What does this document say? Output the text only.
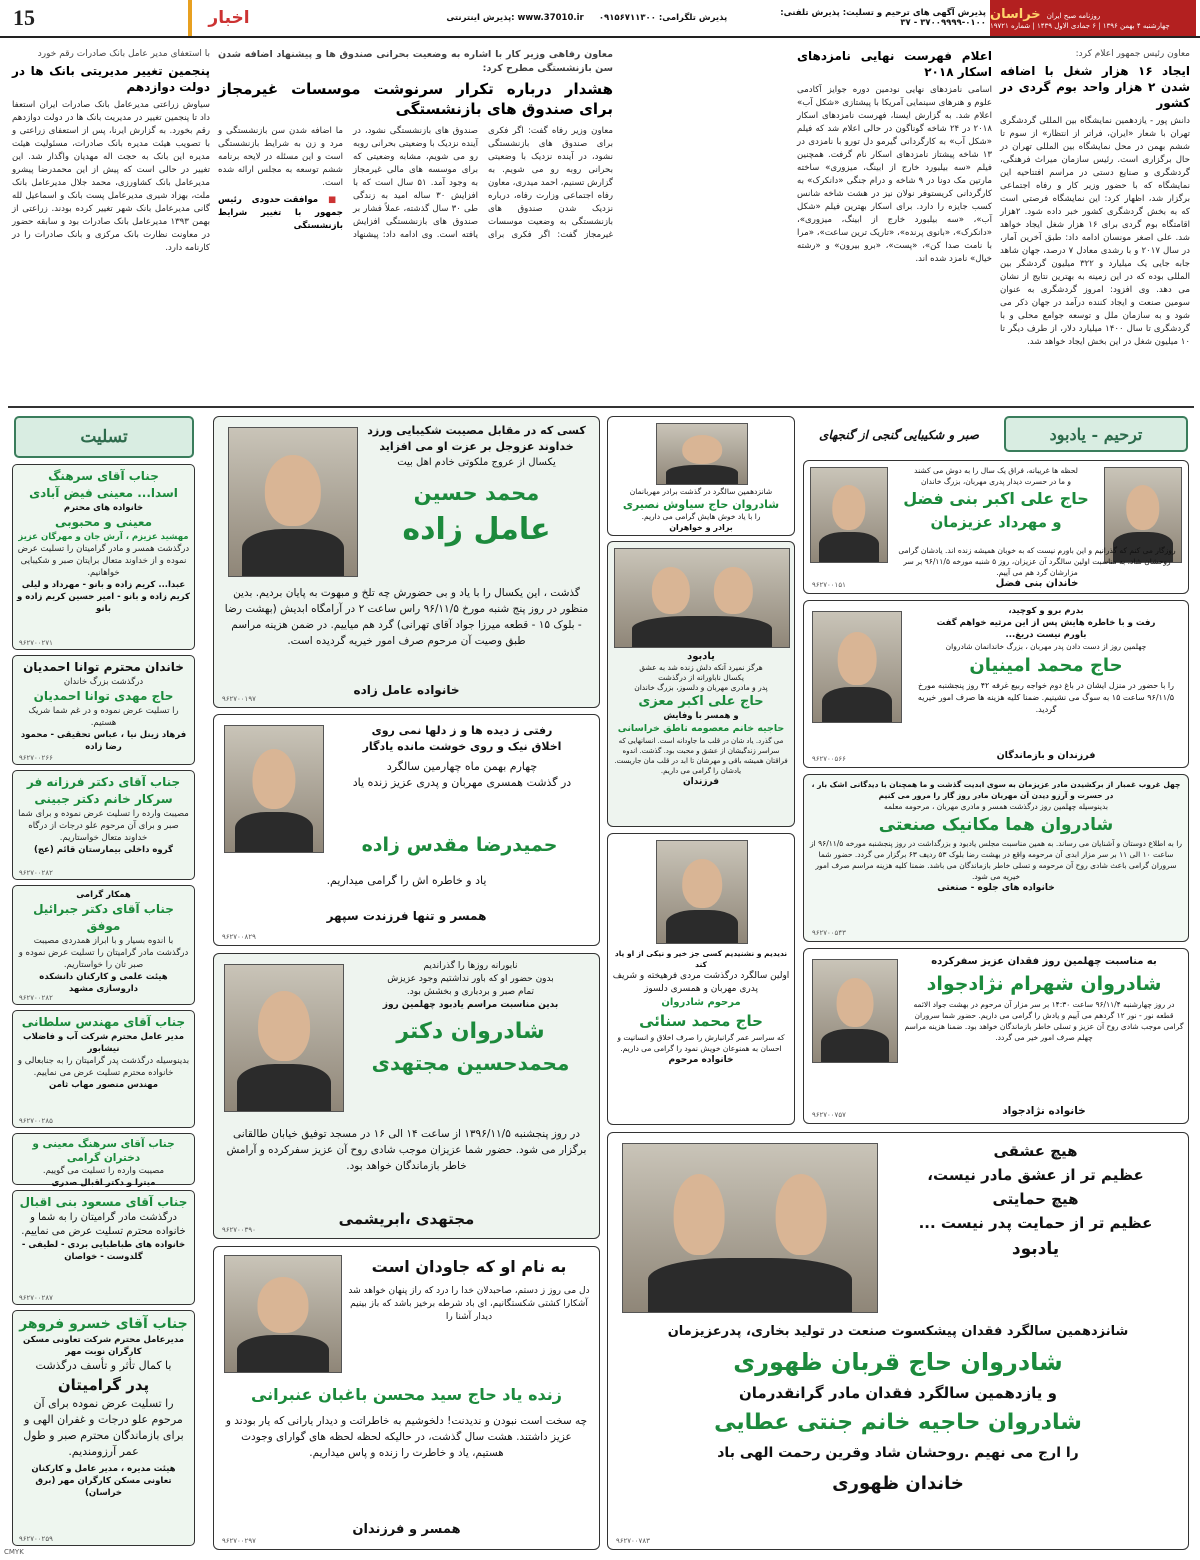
15	اخبار	www.37010.ir :پذیرش اینترنتی	پذیرش تلگرامی: ۰۹۱۵۶۷۱۱۳۰۰	پذیرش آگهی های ترحیم و تسلیت: پذیرش تلفنی: ۰۱۰۰-۳۷۰۰۹۹۹۹ - ۳۷
روزنامه صبح ایران
خراسان
چهارشنبه ۴ بهمن ۱۳۹۶ | ۶ جمادی الاول ۱۴۳۹ | شماره ۱۹۷۲۱
معاون رئیس جمهور اعلام کرد:
ایجاد ۱۶ هزار شغل با اضافه شدن ۲ هزار واحد بوم گردی در کشور
دانش پور - یازدهمین نمایشگاه بین المللی گردشگری تهران با شعار «ایران، فراتر از انتظار» از سوم تا ششم بهمن در محل نمایشگاه بین المللی تهران در حال برگزاری است. رئیس سازمان میراث فرهنگی، گردشگری و صنایع دستی در مراسم افتتاحیه این نمایشگاه که با حضور وزیر کار و رفاه اجتماعی برگزار شد، اظهار کرد: این نمایشگاه فرصتی است که به بخش گردشگری کشور خبر داده شود. ۲هزار اقامتگاه بوم گردی برای ۱۶ هزار شغل ایجاد خواهد شد. علی اصغر مونسان ادامه داد: طبق آخرین آمار، در سال ۲۰۱۷ و با رشدی معادل ۷ درصد، جهان شاهد جابه جایی یک میلیارد و ۳۲۲ میلیون گردشگر بین المللی بوده که در این زمینه به بهترین نتایج از نشان می دهد. وی افزود: امروز گردشگری به عنوان سومین صنعت و ایجاد کننده درآمد در جهان ذکر می شود و به سازمان ملل و توسعه جوامع محلی و با گردشگری تا سال ۱۴۰۰ میلیارد دلار، از طرف دیگر تا ۱۰ میلیون شغل در این بخش ایجاد خواهد شد.
اعلام فهرست نهایی نامزدهای اسکار ۲۰۱۸
اسامی نامزدهای نهایی نودمین دوره جوایز آکادمی علوم و هنرهای سینمایی آمریکا با پیشتازی «شکل آب» اعلام شد. به گزارش ایسنا، فهرست نامزدهای اسکار ۲۰۱۸ در ۲۴ شاخه گوناگون در حالی اعلام شد که فیلم «شکل آب» به کارگردانی گیرمو دل تورو با نامزدی در ۱۳ شاخه پیشتاز نامزدهای اسکار نام گرفت. همچنین فیلم «سه بیلبورد خارج از ابینگ، میزوری» ساخته مارتین مک دونا در ۹ شاخه و درام جنگی «دانکرک» به کارگردانی کریستوفر نولان نیز در هشت شاخه شانس کسب جایزه را دارد. برای اسکار بهترین فیلم «شکل آب»، «سه بیلبورد خارج از ابینگ، میزوری»، «دانکرک»، «بانوی پرنده»، «تاریک ترین ساعت»، «مرا با نامت صدا کن»، «پست»، «برو بیرون» و «رشته خیال» نامزد شده اند.
معاون رفاهی وزیر کار با اشاره به وضعیت بحرانی صندوق ها و پیشنهاد اضافه شدن سن بازنشستگی مطرح کرد:
هشدار درباره تکرار سرنوشت موسسات غیرمجاز برای صندوق های بازنشستگی
معاون وزیر رفاه گفت: اگر فکری برای صندوق های بازنشستگی نشود، در آینده نزدیک با وضعیتی بحرانی روبه رو می شویم. به گزارش تسنیم، احمد میدری، معاون رفاه اجتماعی وزارت رفاه، درباره نزدیک شدن صندوق های بازنشستگی به وضعیت موسسات غیرمجاز گفت: اگر فکری برای صندوق های بازنشستگی نشود، در آینده نزدیک با وضعیتی بحرانی روبه رو می شویم، مشابه وضعیتی که برای موسسه های مالی غیرمجاز به وجود آمد. ۵۱ سال است که با افزایش ۳۰ ساله امید به زندگی طی ۳۰ سال گذشته، عملاً فشار بر صندوق های بازنشستگی افزایش یافته است. وی ادامه داد: پیشنهاد ما اضافه شدن سن بازنشستگی و مرد و زن به شرایط بازنشستگی است و این مسئله در لایحه برنامه ششم توسعه به مجلس ارائه شده است.
■ موافقت حدودی رئیس جمهور با تغییر شرایط بازنشستگی
با استعفای مدیر عامل بانک صادرات رقم خورد
پنجمین تغییر مدیریتی بانک ها در دولت دوازدهم
سیاوش زراعتی مدیرعامل بانک صادرات ایران استعفا داد تا پنجمین تغییر در مدیریت بانک ها در دولت دوازدهم رقم بخورد. به گزارش ایرنا، پس از استعفای زراعتی و با تصویب هیئت مدیره بانک صادرات، مسئولیت هیئت مدیره این بانک به حجت اله مهدیان واگذار شد. این تغییر در حالی است که پیش از این محمدرضا پیشرو مدیرعامل بانک کشاورزی، محمد جلال مدیرعامل بانک ملت، بهزاد شیری مدیرعامل پست بانک و اسماعیل لله گانی مدیرعامل بانک شهر تغییر کرده بودند. زراعتی از بهمن ۱۳۹۳ مدیرعامل بانک صادرات بود و سابقه حضور در معاونت نظارت بانک مرکزی و بانک صادرات را در کارنامه دارد.
تسلیت
جناب آقای سرهنگ
اسدا... معینی فیض آبادی
خانواده های محترم
معینی و محبوبی
مهشید عزیزم ، آرش جان و مهرگان عزیز
درگذشت همسر و مادر گرامیتان را تسلیت عرض نموده و از خداوند متعال برایتان صبر و شکیبایی خواهانیم.
عبدا... کریم زاده و بانو - مهرداد و لیلی کریم زاده و بانو - امیر حسین کریم زاده و بانو
۹۶۲۷۰۰۲۷۱
خاندان محترم توانا احمدیان
درگذشت بزرگ خاندان
حاج مهدی توانا احمدیان
را تسلیت عرض نموده و در غم شما شریک هستیم.
فرهاد زینل نیا ، عباس تحقیقی - محمود رضا زاده
۹۶۲۷۰۰۲۶۶
جناب آقای دکتر فرزانه فر
سرکار خانم دکتر جبینی
مصیبت وارده را تسلیت عرض نموده و برای شما صبر و برای آن مرحوم علو درجات از درگاه خداوند متعال خواستاریم.
گروه داخلی بیمارستان قائم (عج)
۹۶۲۷۰۰۲۸۲
همکار گرامی
جناب آقای دکتر جبرائیل موفق
با اندوه بسیار و با ابراز همدردی مصیبت درگذشت مادر گرامیتان را تسلیت عرض نموده و صبر تان را خواستاریم.
هیئت علمی و کارکنان دانشکده داروسازی مشهد
۹۶۲۷۰۰۲۸۲
جناب آقای مهندس سلطانی
مدیر عامل محترم شرکت آب و فاضلاب نیشابور
بدینوسیله درگذشت پدر گرامیتان را به جنابعالی و خانواده محترم تسلیت عرض می نماییم.
مهندس منصور مهاب ثامن
۹۶۲۷۰۰۲۸۵
جناب آقای سرهنگ معینی و دختران گرامی
مصیبت وارده را تسلیت می گوییم.
میترا و دکتر اقبال صدری
جناب آقای مسعود بنی اقبال
درگذشت مادر گرامیتان را به شما و خانواده محترم تسلیت عرض می نماییم.
خانواده های طباطبایی بردی - لطیفی - گلدوست - خواصان
۹۶۲۷۰۰۲۸۷
جناب آقای خسرو فروهر
مدیرعامل محترم شرکت تعاونی مسکن کارگران نوبت مهر
با کمال تأثر و تأسف درگذشت
پدر گرامیتان
را تسلیت عرض نموده برای آن مرحوم علو درجات و غفران الهی و برای بازماندگان محترم صبر و طول عمر آرزومندیم.
هیئت مدیره ، مدیر عامل و کارکنان تعاونی مسکن کارگران مهر (برق خراسان)
۹۶۲۷۰۰۲۵۹
کسی که در مقابل مصیبت شکیبایی ورزد
خداوند عزوجل بر عزت او می افزاید
یکسال از عروج ملکوتی خادم اهل بیت
محمد حسین
عامل زاده
گذشت ، این یکسال را با یاد و بی حضورش چه تلخ و مبهوت به پایان بردیم. بدین منظور در روز پنج شنبه مورخ ۹۶/۱۱/۵ راس ساعت ۲ در آرامگاه ابدیش (بهشت رضا - بلوک ۱۵ - قطعه میرزا جواد آقای تهرانی) گرد هم میاییم. در ضمن هزینه مراسم طبق وصیت آن مرحوم صرف امور خیریه گردیده است.
خانواده عامل زاده
۹۶۲۷۰۰۱۹۷
رفتی ز دیده ها و ز دلها نمی روی
اخلاق نیک و روی خوشت مانده یادگار
چهارم بهمن ماه چهارمین سالگرد
در گذشت همسری مهربان و پدری عزیز زنده یاد
حمیدرضا مقدس زاده
یاد و خاطره اش را گرامی میداریم.
همسر و تنها فرزندت سپهر
۹۶۲۷۰۰۸۲۹
نابورانه روزها را گذراندیم
بدون حضور او که باور نداشتیم وجود عزیزش
تمام صبر و بردباری و بخشش بود.
بدین مناسبت مراسم یادبود چهلمین روز
شادروان دکتر
محمدحسین مجتهدی
در روز پنجشنبه ۱۳۹۶/۱۱/۵ از ساعت ۱۴ الی ۱۶ در مسجد توفیق خیابان طالقانی برگزار می شود. حضور شما عزیزان موجب شادی روح آن عزیز سفرکرده و آرامش خاطر بازماندگان خواهد بود.
مجتهدی ،ابریشمی
۹۶۲۷۰۰۳۹۰
به نام او که جاودان است
دل می روز ز دستم، صاحبدلان خدا را درد که راز پنهان خواهد شد آشکارا کشتی شکستگانیم، ای باد شرطه برخیز باشد که باز بینیم دیدار آشنا را
زنده یاد حاج سید محسن باغبان عنبرانی
چه سخت است نبودن و ندیدنت! دلخوشیم به خاطراتت و دیدار یارانی که یار بودند و عزیز داشتند. هشت سال گذشت، در حالیکه لحظه لحظه های گوارای وجودت هستیم، یاد و خاطرت را زنده و پاس میداریم.
همسر و فرزندان
۹۶۲۷۰۰۲۹۷
شانزدهمین سالگرد در گذشت برادر مهربانمان
شادروان حاج سیاوش نصیری
را با یاد خوش هایش گرامی می داریم.
برادر و خواهران
یادبود
هرگز نمیرد آنکه دلش زنده شد به عشق
یکسال ناباورانه از درگذشت
پدر و مادری مهربان و دلسوز، بزرگ خاندان
حاج علی اکبر معزی
و همسر با وفایش
حاجیه خانم معصومه ناطق خراسانی
می گذرد. یاد شان در قلب ما جاودانه است. انسانهایی که سراسر زندگیشان از عشق و محبت بود. گذشت. اندوه فراقتان همیشه باقی و مهرشان تا ابد در قلب مان جاریست. یادشان را گرامی می داریم.
فرزندان
ندیدیم و نشنیدیم کسی جز خیر و نیکی از او یاد کند
اولین سالگرد درگذشت مردی فرهیخته و شریف
پدری مهربان و همسری دلسوز
مرحوم شادروان
حاج محمد سنائی
که سراسر عمر گرانبارش را صرف اخلاق و انسانیت و احسان به همنوعان خویش نمود را گرامی می داریم.
خانواده مرحوم
ترحیم - یادبود
صبر و شکیبایی گنجی از گنجهای
لحظه ها غریبانه، فراق یک سال را به دوش می کشند
و ما در حسرت دیدار پدری مهربان، بزرگ خاندان
حاج علی اکبر بنی فضل
و مهرداد عزیزمان
روزگار می کنم که گذرانیم و این باورم نیست که به خوبان همیشه زنده اند. یادشان گرامی روحشان شاد. به مناسبت اولین سالگرد آن عزیزان، روز ۵ شنبه مورخه ۹۶/۱۱/۵ بر سر مزارشان گرد هم می آییم.
خاندان بنی فضل
۹۶۲۷۰۰۱۵۱
بدرم برو و کوچید،
رفت و با خاطره هایش پس از این مرثیه خواهم گفت
باورم نیست دریغ...
چهلمین روز از دست دادن پدر مهربان ، بزرگ خاندانمان شادروان
حاج محمد امینیان
را با حضور در منزل ایشان در باغ دوم خواجه ربیع غرفه ۴۲ روز پنجشنبه مورخ ۹۶/۱۱/۵ ساعت ۱۵ به سوگ می نشینیم. ضمنا کلیه هزینه ها صرف امور خیریه گردید.
فرزندان و بازماندگان
۹۶۲۷۰۰۵۶۶
چهل غروب غمبار از برکشیدن مادر عزیزمان به سوی ابدیت گذشت و ما همچنان با دیدگانی اشک بار ،
در حسرت و آرزو دیدن آن مهربان مادر روز گار را مرور می کنیم
بدینوسیله چهلمین روز درگذشت همسر و مادری مهربان ، مرحومه معلمه
شادروان هما مکانیک صنعتی
را به اطلاع دوستان و آشنایان می رساند. به همین مناسبت مجلس یادبود و بزرگداشت در روز پنجشنبه مورخه ۹۶/۱۱/۵ از ساعت ۱۰ الی ۱۱ بر سر مزار ابدی آن مرحومه واقع در بهشت رضا بلوک ۵۳ ردیف ۶۳ برگزار می گردد. حضور شما سروران گرامی باعث شادی روح آن مرحومه و تسلی خاطر بازماندگان می باشد. ضمنا کلیه هزینه مراسم صرف امور خیریه می شود.
خانواده های جلوه - صنعتی
۹۶۲۷۰۰۵۴۳
به مناسبت چهلمین روز فقدان عزیز سفرکرده
شادروان شهرام نژادجواد
در روز چهارشنبه ۹۶/۱۱/۴ ساعت ۱۴:۳۰ بر سر مزار آن مرحوم در بهشت جواد الائمه قطعه نور - نور ۱۲ گردهم می آییم و یادش را گرامی می داریم. حضور شما سروران گرامی موجب شادی روح آن عزیز و تسلی خاطر بازماندگان خواهد بود. ضمنا هزینه مراسم چهلم صرف امور خیر می گردد.
خانواده نژادجواد
۹۶۲۷۰۰۷۵۷
هیچ عشقی
عظیم تر از عشق مادر نیست،
هیچ حمایتی
عظیم تر از حمایت پدر نیست ...
یادبود
شانزدهمین سالگرد فقدان پیشکسوت صنعت در تولید بخاری، پدرعزیزمان
شادروان حاج قربان ظهوری
و یازدهمین سالگرد فقدان مادر گرانقدرمان
شادروان حاجیه خانم جنتی عطایی
را ارج می نهیم .روحشان شاد وقرین رحمت الهی باد
خاندان ظهوری
۹۶۲۷۰۰۷۸۳
CMYK
